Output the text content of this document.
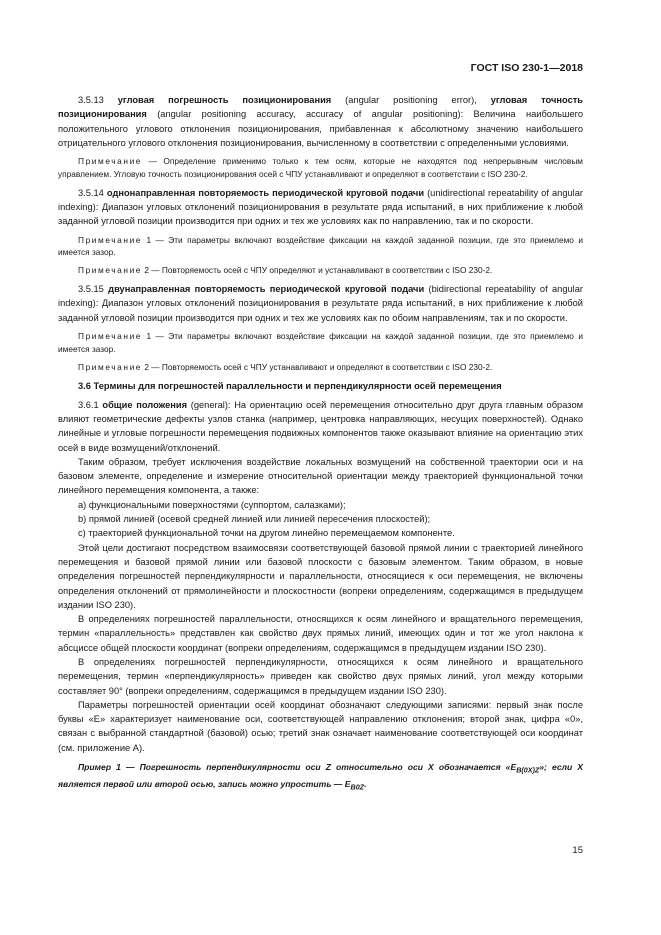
ГОСТ ISO 230-1—2018

3.5.13 угловая погрешность позиционирования (angular positioning error), угловая точность позиционирования (angular positioning accuracy, accuracy of angular positioning): Величина наибольшего положительного углового отклонения позиционирования, прибавленная к абсолютному значению наибольшего отрицательного углового отклонения позиционирования, вычисленному в соответствии с определенными условиями.

Примечание — Определение применимо только к тем осям, которые не находятся под непрерывным числовым управлением. Угловую точность позиционирования осей с ЧПУ устанавливают и определяют в соответствии с ISO 230-2.

3.5.14 однонаправленная повторяемость периодической круговой подачи (unidirectional repeatability of angular indexing): Диапазон угловых отклонений позиционирования в результате ряда испытаний, в них приближение к любой заданной угловой позиции производится при одних и тех же условиях как по направлению, так и по скорости.

Примечание 1 — Эти параметры включают воздействие фиксации на каждой заданной позиции, где это приемлемо и имеется зазор.

Примечание 2 — Повторяемость осей с ЧПУ определяют и устанавливают в соответствии с ISO 230-2.

3.5.15 двунаправленная повторяемость периодической круговой подачи (bidirectional repeatability of angular indexing): Диапазон угловых отклонений позиционирования в результате ряда испытаний, в них приближение к любой заданной угловой позиции производится при одних и тех же условиях как по обоим направлениям, так и по скорости.

Примечание 1 — Эти параметры включают воздействие фиксации на каждой заданной позиции, где это приемлемо и имеется зазор.

Примечание 2 — Повторяемость осей с ЧПУ устанавливают и определяют в соответствии с ISO 230-2.

3.6 Термины для погрешностей параллельности и перпендикулярности осей перемещения

3.6.1 общие положения (general): На ориентацию осей перемещения относительно друг друга главным образом влияют геометрические дефекты узлов станка (например, центровка направляющих, несущих поверхностей). Однако линейные и угловые погрешности перемещения подвижных компонентов также оказывают влияние на ориентацию этих осей в виде возмущений/отклонений.

Таким образом, требует исключения воздействие локальных возмущений на собственной траектории оси и на базовом элементе, определение и измерение относительной ориентации между траекторией функциональной точки линейного перемещения компонента, а также:

a) функциональными поверхностями (суппортом, салазками);

b) прямой линией (осевой средней линией или линией пересечения плоскостей);

c) траекторией функциональной точки на другом линейно перемещаемом компоненте.

Этой цели достигают посредством взаимосвязи соответствующей базовой прямой линии с траекторией линейного перемещения и базовой прямой линии или базовой плоскости с базовым элементом. Таким образом, в новые определения погрешностей перпендикулярности и параллельности, относящиеся к оси перемещения, не включены определения отклонений от прямолинейности и плоскостности (вопреки определениям, содержащимся в предыдущем издании ISO 230).

В определениях погрешностей параллельности, относящихся к осям линейного и вращательного перемещения, термин «параллельность» представлен как свойство двух прямых линий, имеющих один и тот же угол наклона к абсциссе общей плоскости координат (вопреки определениям, содержащимся в предыдущем издании ISO 230).

В определениях погрешностей перпендикулярности, относящихся к осям линейного и вращательного перемещения, термин «перпендикулярность» приведен как свойство двух прямых линий, угол между которыми составляет 90° (вопреки определениям, содержащимся в предыдущем издании ISO 230).

Параметры погрешностей ориентации осей координат обозначают следующими записями: первый знак после буквы «E» характеризует наименование оси, соответствующей направлению отклонения; второй знак, цифра «0», связан с выбранной стандартной (базовой) осью; третий знак означает наименование соответствующей оси координат (см. приложение А).

Пример 1 — Погрешность перпендикулярности оси Z относительно оси X обозначается «$E_{B(0X)Z}$»; если X является первой или второй осью, запись можно упростить — $E_{B0Z}$.

15
